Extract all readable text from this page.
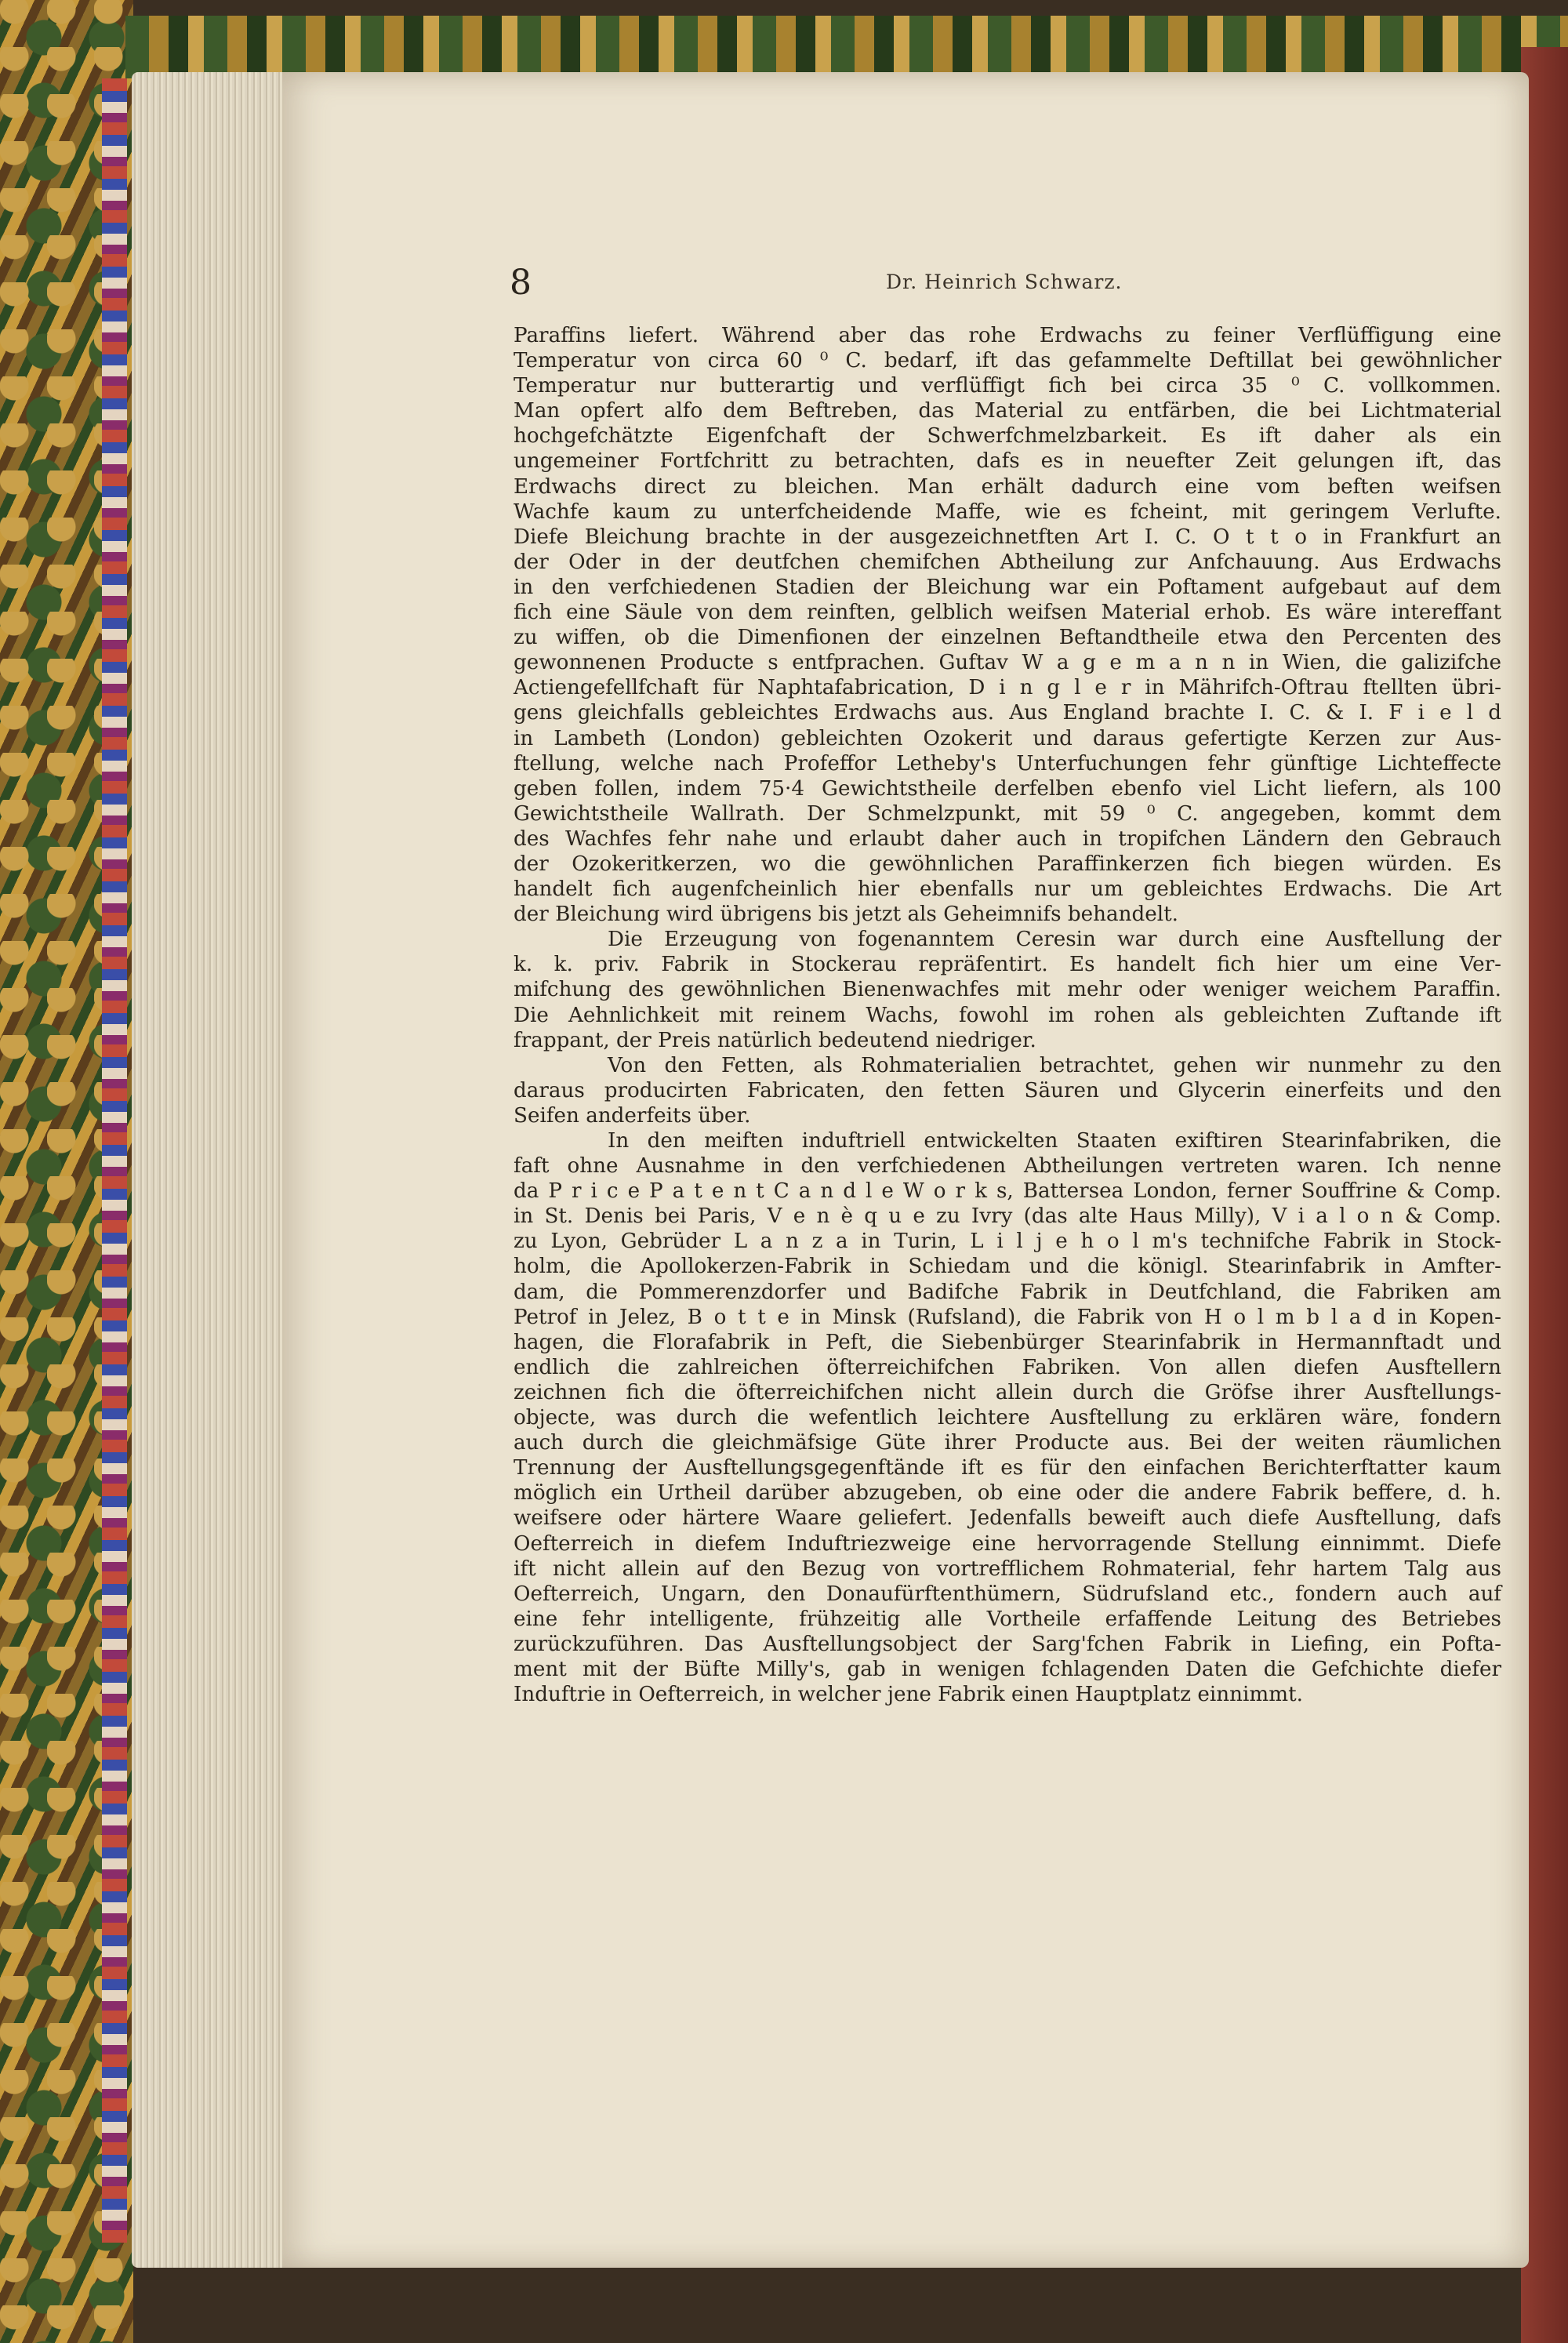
8	Dr. Heinrich Schwarz.
Paraffins liefert. Während aber das rohe Erdwachs zu feiner Verflüffigung eine
Temperatur von circa 60 ⁰ C. bedarf, ift das gefammelte Deftillat bei gewöhnlicher
Temperatur nur butterartig und verflüffigt fich bei circa 35 ⁰ C. vollkommen.
Man opfert alfo dem Beftreben, das Material zu entfärben, die bei Lichtmaterial
hochgefchätzte Eigenfchaft der Schwerfchmelzbarkeit. Es ift daher als ein
ungemeiner Fortfchritt zu betrachten, dafs es in neuefter Zeit gelungen ift, das
Erdwachs direct zu bleichen. Man erhält dadurch eine vom beften weifsen
Wachfe kaum zu unterfcheidende Maffe, wie es fcheint, mit geringem Verlufte.
Diefe Bleichung brachte in der ausgezeichnetften Art I. C. O t t o in Frankfurt an
der Oder in der deutfchen chemifchen Abtheilung zur Anfchauung. Aus Erdwachs
in den verfchiedenen Stadien der Bleichung war ein Poftament aufgebaut auf dem
fich eine Säule von dem reinften, gelblich weifsen Material erhob. Es wäre intereffant
zu wiffen, ob die Dimenfionen der einzelnen Beftandtheile etwa den Percenten des
gewonnenen Producte s entfprachen. Guftav W a g e m a n n in Wien, die galizifche
Actiengefellfchaft für Naphtafabrication, D i n g l e r in Mährifch-Oftrau ftellten übri-
gens gleichfalls gebleichtes Erdwachs aus. Aus England brachte I. C. & I. F i e l d
in Lambeth (London) gebleichten Ozokerit und daraus gefertigte Kerzen zur Aus-
ftellung, welche nach Profeffor Letheby's Unterfuchungen fehr günftige Lichteffecte
geben follen, indem 75·4 Gewichtstheile derfelben ebenfo viel Licht liefern, als 100
Gewichtstheile Wallrath. Der Schmelzpunkt, mit 59 ⁰ C. angegeben, kommt dem
des Wachfes fehr nahe und erlaubt daher auch in tropifchen Ländern den Gebrauch
der Ozokeritkerzen, wo die gewöhnlichen Paraffinkerzen fich biegen würden. Es
handelt fich augenfcheinlich hier ebenfalls nur um gebleichtes Erdwachs. Die Art
der Bleichung wird übrigens bis jetzt als Geheimnifs behandelt.
Die Erzeugung von fogenanntem Ceresin war durch eine Ausftellung der
k. k. priv. Fabrik in Stockerau repräfentirt. Es handelt fich hier um eine Ver-
mifchung des gewöhnlichen Bienenwachfes mit mehr oder weniger weichem Paraffin.
Die Aehnlichkeit mit reinem Wachs, fowohl im rohen als gebleichten Zuftande ift
frappant, der Preis natürlich bedeutend niedriger.
Von den Fetten, als Rohmaterialien betrachtet, gehen wir nunmehr zu den
daraus producirten Fabricaten, den fetten Säuren und Glycerin einerfeits und den
Seifen anderfeits über.
In den meiften induftriell entwickelten Staaten exiftiren Stearinfabriken, die
faft ohne Ausnahme in den verfchiedenen Abtheilungen vertreten waren. Ich nenne
da P r i c e P a t e n t C a n d l e W o r k s, Battersea London, ferner Souffrine & Comp.
in St. Denis bei Paris, V e n è q u e zu Ivry (das alte Haus Milly), V i a l o n & Comp.
zu Lyon, Gebrüder L a n z a in Turin, L i l j e h o l m's technifche Fabrik in Stock-
holm, die Apollokerzen-Fabrik in Schiedam und die königl. Stearinfabrik in Amfter-
dam, die Pommerenzdorfer und Badifche Fabrik in Deutfchland, die Fabriken am
Petrof in Jelez, B o t t e in Minsk (Rufsland), die Fabrik von H o l m b l a d in Kopen-
hagen, die Florafabrik in Peft, die Siebenbürger Stearinfabrik in Hermannftadt und
endlich die zahlreichen öfterreichifchen Fabriken. Von allen diefen Ausftellern
zeichnen fich die öfterreichifchen nicht allein durch die Gröfse ihrer Ausftellungs-
objecte, was durch die wefentlich leichtere Ausftellung zu erklären wäre, fondern
auch durch die gleichmäfsige Güte ihrer Producte aus. Bei der weiten räumlichen
Trennung der Ausftellungsgegenftände ift es für den einfachen Berichterftatter kaum
möglich ein Urtheil darüber abzugeben, ob eine oder die andere Fabrik beffere, d. h.
weifsere oder härtere Waare geliefert. Jedenfalls beweift auch diefe Ausftellung, dafs
Oefterreich in diefem Induftriezweige eine hervorragende Stellung einnimmt. Diefe
ift nicht allein auf den Bezug von vortrefflichem Rohmaterial, fehr hartem Talg aus
Oefterreich, Ungarn, den Donaufürftenthümern, Südrufsland etc., fondern auch auf
eine fehr intelligente, frühzeitig alle Vortheile erfaffende Leitung des Betriebes
zurückzuführen. Das Ausftellungsobject der Sarg'fchen Fabrik in Liefing, ein Pofta-
ment mit der Büfte Milly's, gab in wenigen fchlagenden Daten die Gefchichte diefer
Induftrie in Oefterreich, in welcher jene Fabrik einen Hauptplatz einnimmt.
